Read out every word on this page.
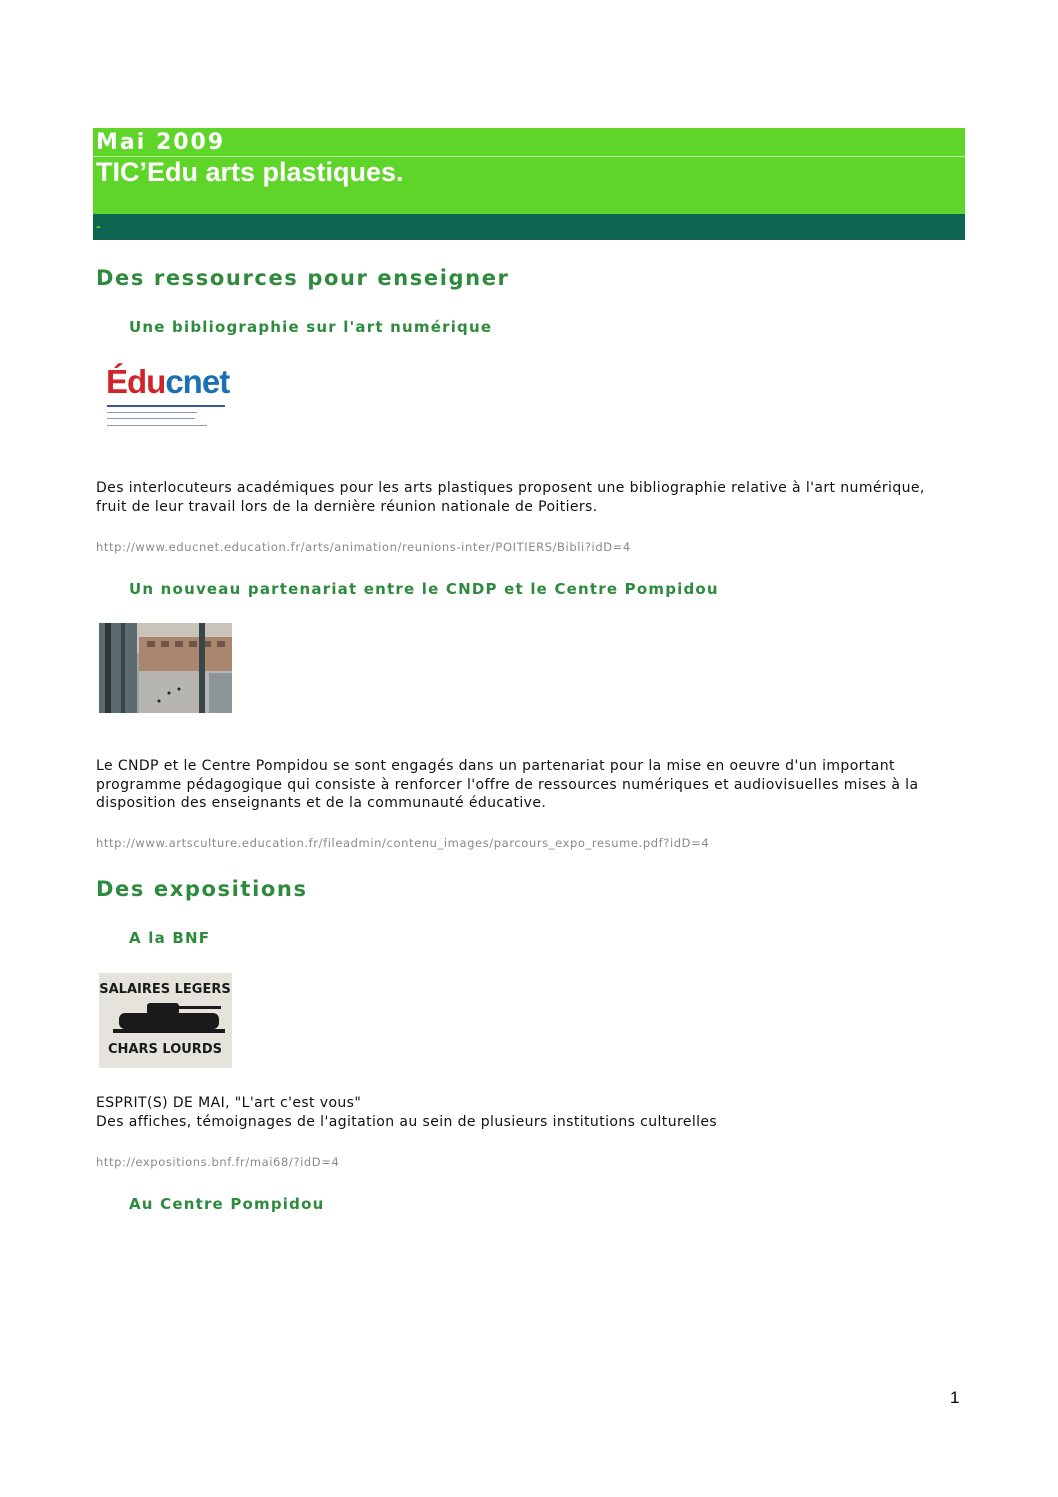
Mai 2009
TIC’Edu arts plastiques.
-
Des ressources pour enseigner
Une bibliographie sur l'art numérique
Éducnet
Des interlocuteurs académiques pour les arts plastiques proposent une bibliographie relative à l'art numérique, fruit de leur travail lors de la dernière réunion nationale de Poitiers.
http://www.educnet.education.fr/arts/animation/reunions-inter/POITIERS/Bibli?idD=4
Un nouveau partenariat entre le CNDP et le Centre Pompidou
Le CNDP et le Centre Pompidou se sont engagés dans un partenariat pour la mise en oeuvre d'un important programme pédagogique qui consiste à renforcer l'offre de ressources numériques et audiovisuelles mises à la disposition des enseignants et de la communauté éducative.
http://www.artsculture.education.fr/fileadmin/contenu_images/parcours_expo_resume.pdf?idD=4
Des expositions
A la BNF
SALAIRES LEGERS
CHARS LOURDS
ESPRIT(S) DE MAI, "L'art c'est vous"
Des affiches, témoignages de l'agitation au sein de plusieurs institutions culturelles
http://expositions.bnf.fr/mai68/?idD=4
Au Centre Pompidou
1
